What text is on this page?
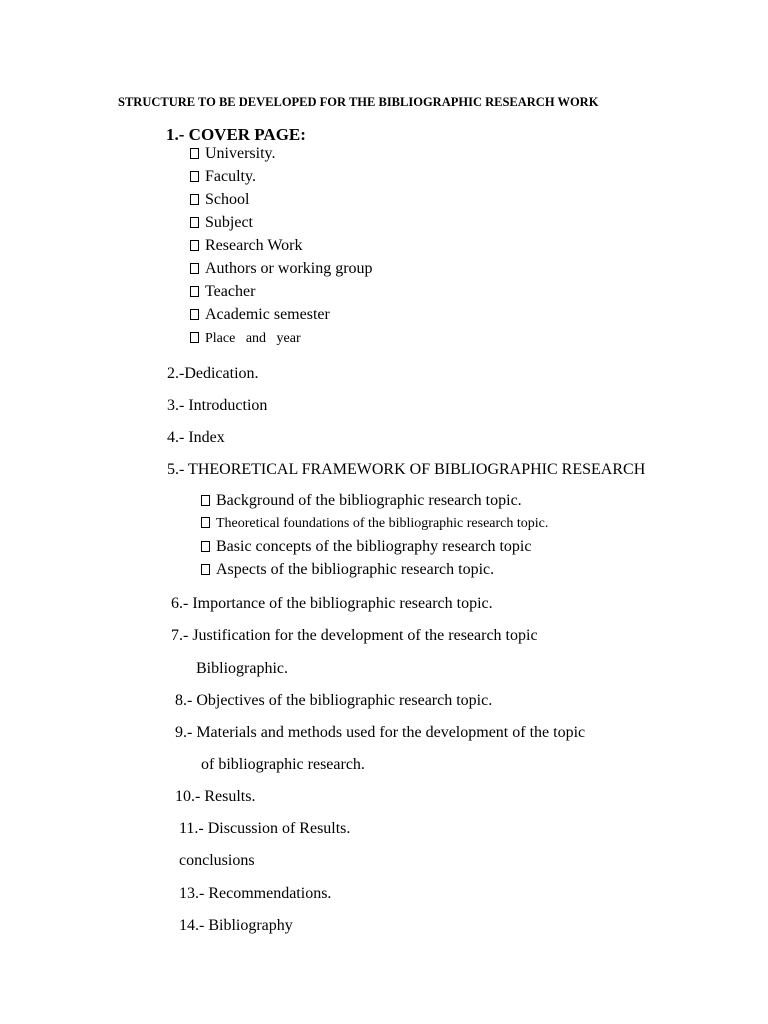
STRUCTURE TO BE DEVELOPED FOR THE BIBLIOGRAPHIC RESEARCH WORK
1.- COVER PAGE:
University.
Faculty.
School
Subject
Research Work
Authors or working group
Teacher
Academic semester
Place   and   year
2.-Dedication.
3.- Introduction
4.- Index
5.- THEORETICAL FRAMEWORK OF BIBLIOGRAPHIC RESEARCH
Background of the bibliographic research topic.
Theoretical foundations of the bibliographic research topic.
Basic concepts of the bibliography research topic
Aspects of the bibliographic research topic.
6.- Importance of the bibliographic research topic.
7.- Justification for the development of the research topic
Bibliographic.
8.- Objectives of the bibliographic research topic.
9.- Materials and methods used for the development of the topic
of bibliographic research.
10.- Results.
11.- Discussion of Results.
conclusions
13.- Recommendations.
14.- Bibliography
